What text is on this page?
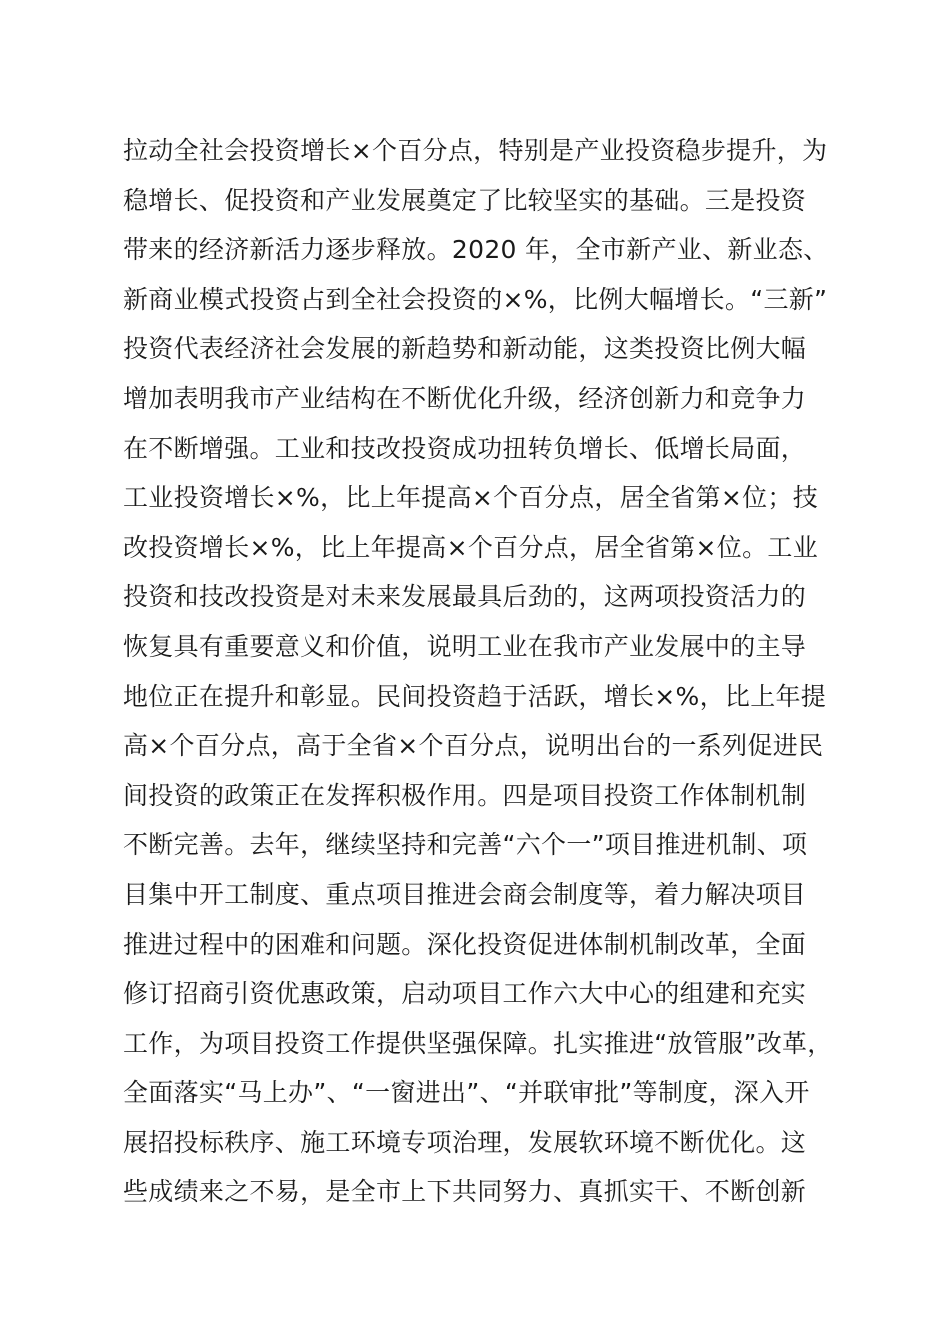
拉动全社会投资增长×个百分点，特别是产业投资稳步提升，为
稳增长、促投资和产业发展奠定了比较坚实的基础。三是投资
带来的经济新活力逐步释放。2020 年，全市新产业、新业态、
新商业模式投资占到全社会投资的×%，比例大幅增长。“三新”
投资代表经济社会发展的新趋势和新动能，这类投资比例大幅
增加表明我市产业结构在不断优化升级，经济创新力和竞争力
在不断增强。工业和技改投资成功扭转负增长、低增长局面，
工业投资增长×%，比上年提高×个百分点，居全省第×位；技
改投资增长×%，比上年提高×个百分点，居全省第×位。工业
投资和技改投资是对未来发展最具后劲的，这两项投资活力的
恢复具有重要意义和价值，说明工业在我市产业发展中的主导
地位正在提升和彰显。民间投资趋于活跃，增长×%，比上年提
高×个百分点，高于全省×个百分点，说明出台的一系列促进民
间投资的政策正在发挥积极作用。四是项目投资工作体制机制
不断完善。去年，继续坚持和完善“六个一”项目推进机制、项
目集中开工制度、重点项目推进会商会制度等，着力解决项目
推进过程中的困难和问题。深化投资促进体制机制改革，全面
修订招商引资优惠政策，启动项目工作六大中心的组建和充实
工作，为项目投资工作提供坚强保障。扎实推进“放管服”改革，
全面落实“马上办”、“一窗进出”、“并联审批”等制度，深入开
展招投标秩序、施工环境专项治理，发展软环境不断优化。这
些成绩来之不易，是全市上下共同努力、真抓实干、不断创新
